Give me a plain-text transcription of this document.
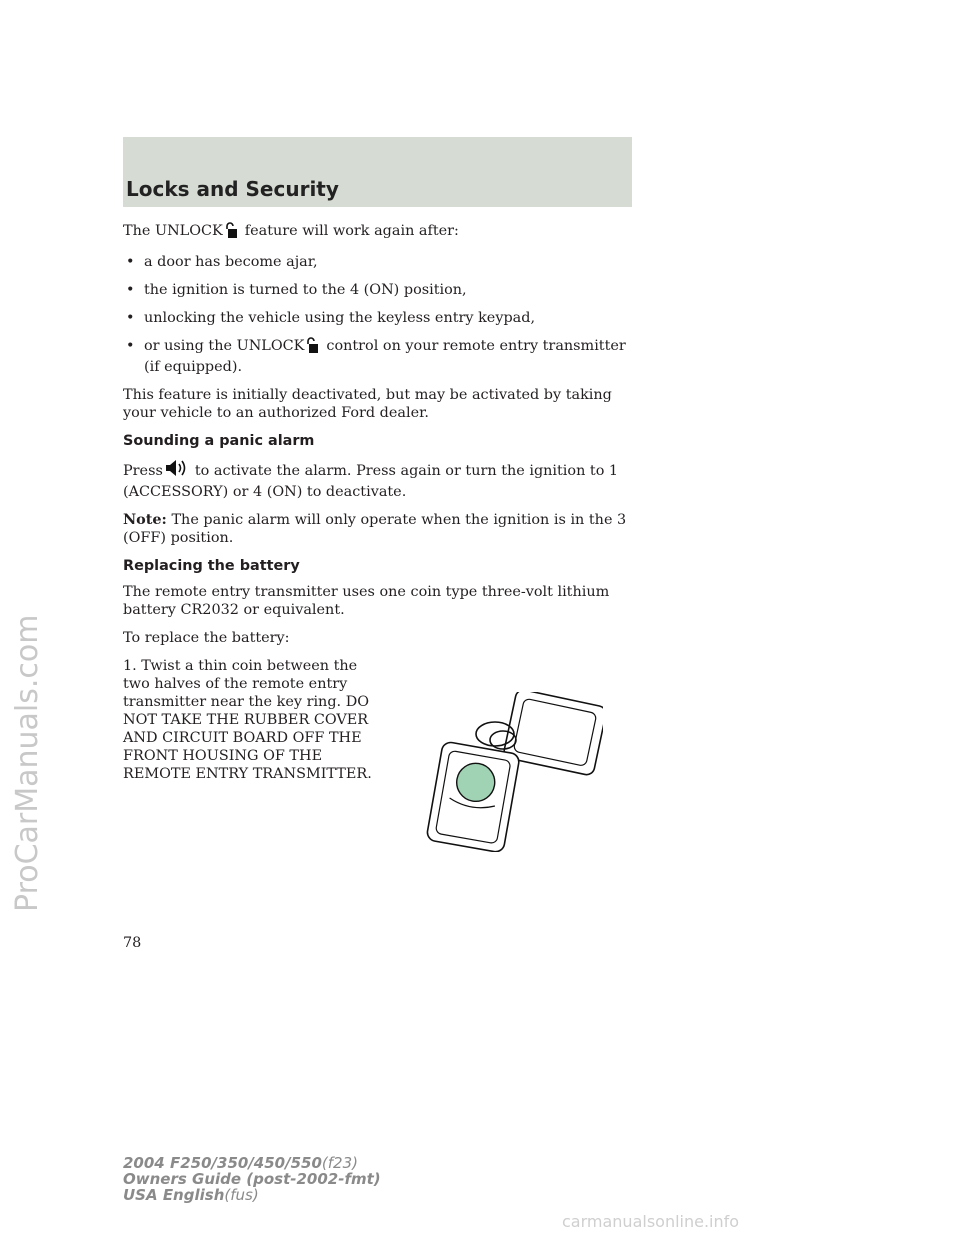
ProCarManuals.com
Locks and Security

The UNLOCK feature will work again after:

• a door has become ajar,
• the ignition is turned to the 4 (ON) position,
• unlocking the vehicle using the keyless entry keypad,
• or using the UNLOCK control on your remote entry transmitter (if equipped).

This feature is initially deactivated, but may be activated by taking your vehicle to an authorized Ford dealer.

Sounding a panic alarm

Press to activate the alarm. Press again or turn the ignition to 1 (ACCESSORY) or 4 (ON) to deactivate.

Note: The panic alarm will only operate when the ignition is in the 3 (OFF) position.

Replacing the battery

The remote entry transmitter uses one coin type three-volt lithium battery CR2032 or equivalent.

To replace the battery:

1. Twist a thin coin between the two halves of the remote entry transmitter near the key ring. DO NOT TAKE THE RUBBER COVER AND CIRCUIT BOARD OFF THE FRONT HOUSING OF THE REMOTE ENTRY TRANSMITTER.
78
2004 F250/350/450/550(f23)
Owners Guide (post-2002-fmt)
USA English(fus)
carmanualsonline.info
